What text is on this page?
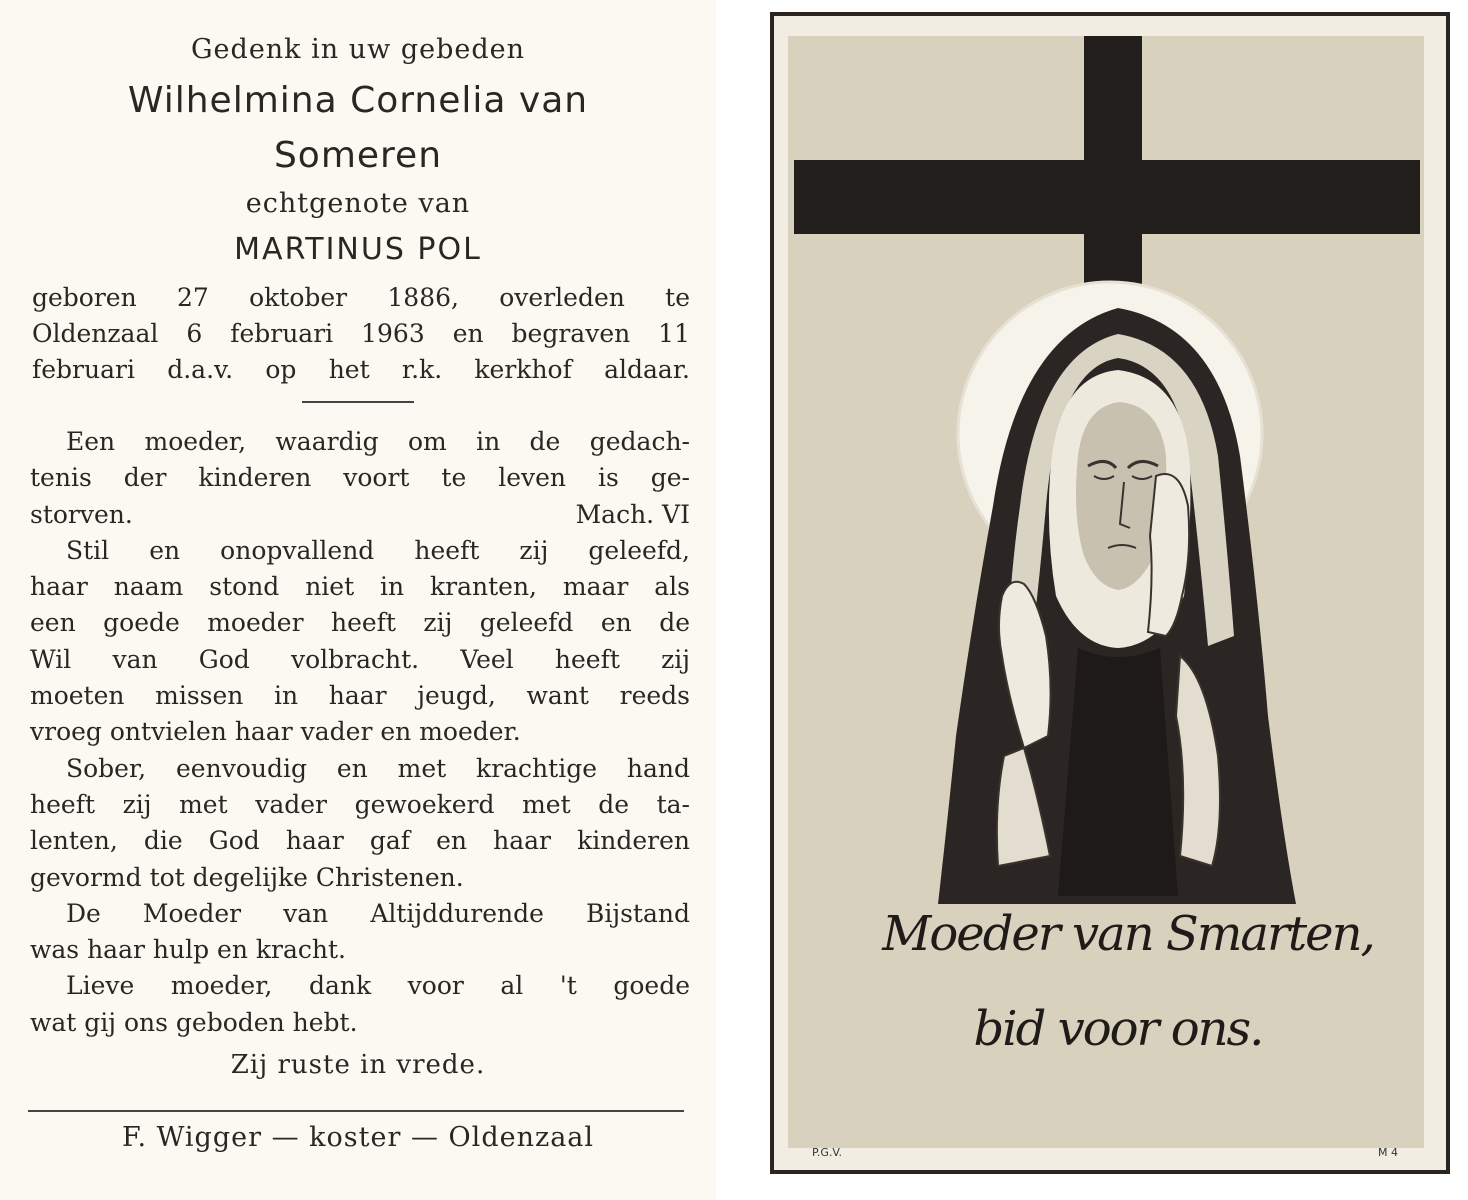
Gedenk in uw gebeden
Wilhelmina Cornelia van
Someren
echtgenote van
MARTINUS POL
geboren 27 oktober 1886, overleden te
Oldenzaal 6 februari 1963 en begraven 11
februari d.a.v. op het r.k. kerkhof aldaar.
Een moeder, waardig om in de gedach-
tenis der kinderen voort te leven is ge-
storven.	Mach. VI
Stil en onopvallend heeft zij geleefd,
haar naam stond niet in kranten, maar als
een goede moeder heeft zij geleefd en de
Wil van God volbracht. Veel heeft zij
moeten missen in haar jeugd, want reeds
vroeg ontvielen haar vader en moeder.
Sober, eenvoudig en met krachtige hand
heeft zij met vader gewoekerd met de ta-
lenten, die God haar gaf en haar kinderen
gevormd tot degelijke Christenen.
De Moeder van Altijddurende Bijstand
was haar hulp en kracht.
Lieve moeder, dank voor al 't goede
wat gij ons geboden hebt.
Zij ruste in vrede.
F. Wigger — koster — Oldenzaal
Moeder van Smarten,
bid voor ons.
P.G.V.	M 4
